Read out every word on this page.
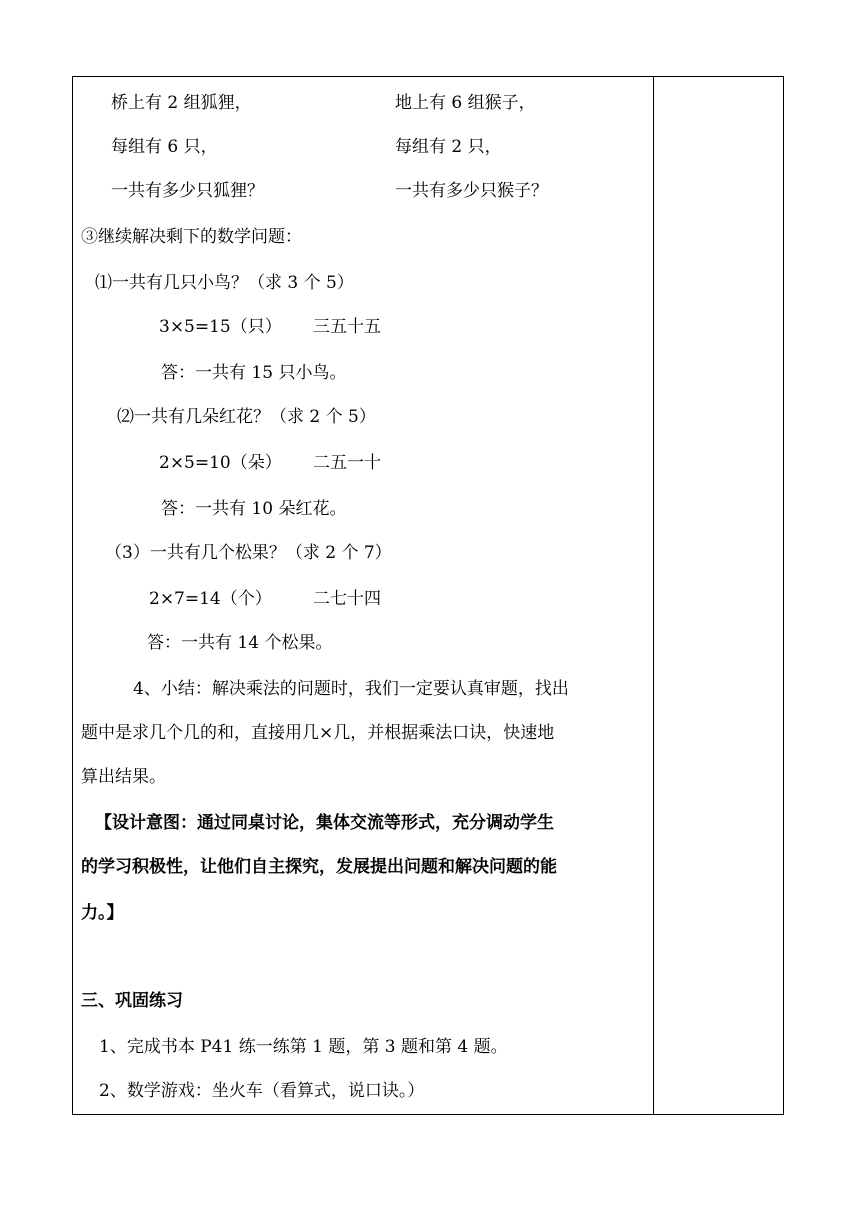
桥上有 2 组狐狸，	地上有 6 组猴子，
每组有 6 只，	每组有 2 只，
一共有多少只狐狸？	一共有多少只猴子？
③继续解决剩下的数学问题：
⑴一共有几只小鸟？（求 3 个 5）
3×5=15（只） 三五十五
答：一共有 15 只小鸟。
⑵一共有几朵红花？（求 2 个 5）
2×5=10（朵） 二五一十
答：一共有 10 朵红花。
（3）一共有几个松果？（求 2 个 7）
2×7=14（个） 二七十四
答：一共有 14 个松果。
4、小结：解决乘法的问题时，我们一定要认真审题，找出
题中是求几个几的和，直接用几×几，并根据乘法口诀，快速地
算出结果。
【设计意图：通过同桌讨论，集体交流等形式，充分调动学生
的学习积极性，让他们自主探究，发展提出问题和解决问题的能
力。】
三、巩固练习
1、完成书本 P41 练一练第 1 题，第 3 题和第 4 题。
2、数学游戏：坐火车（看算式，说口诀。）
